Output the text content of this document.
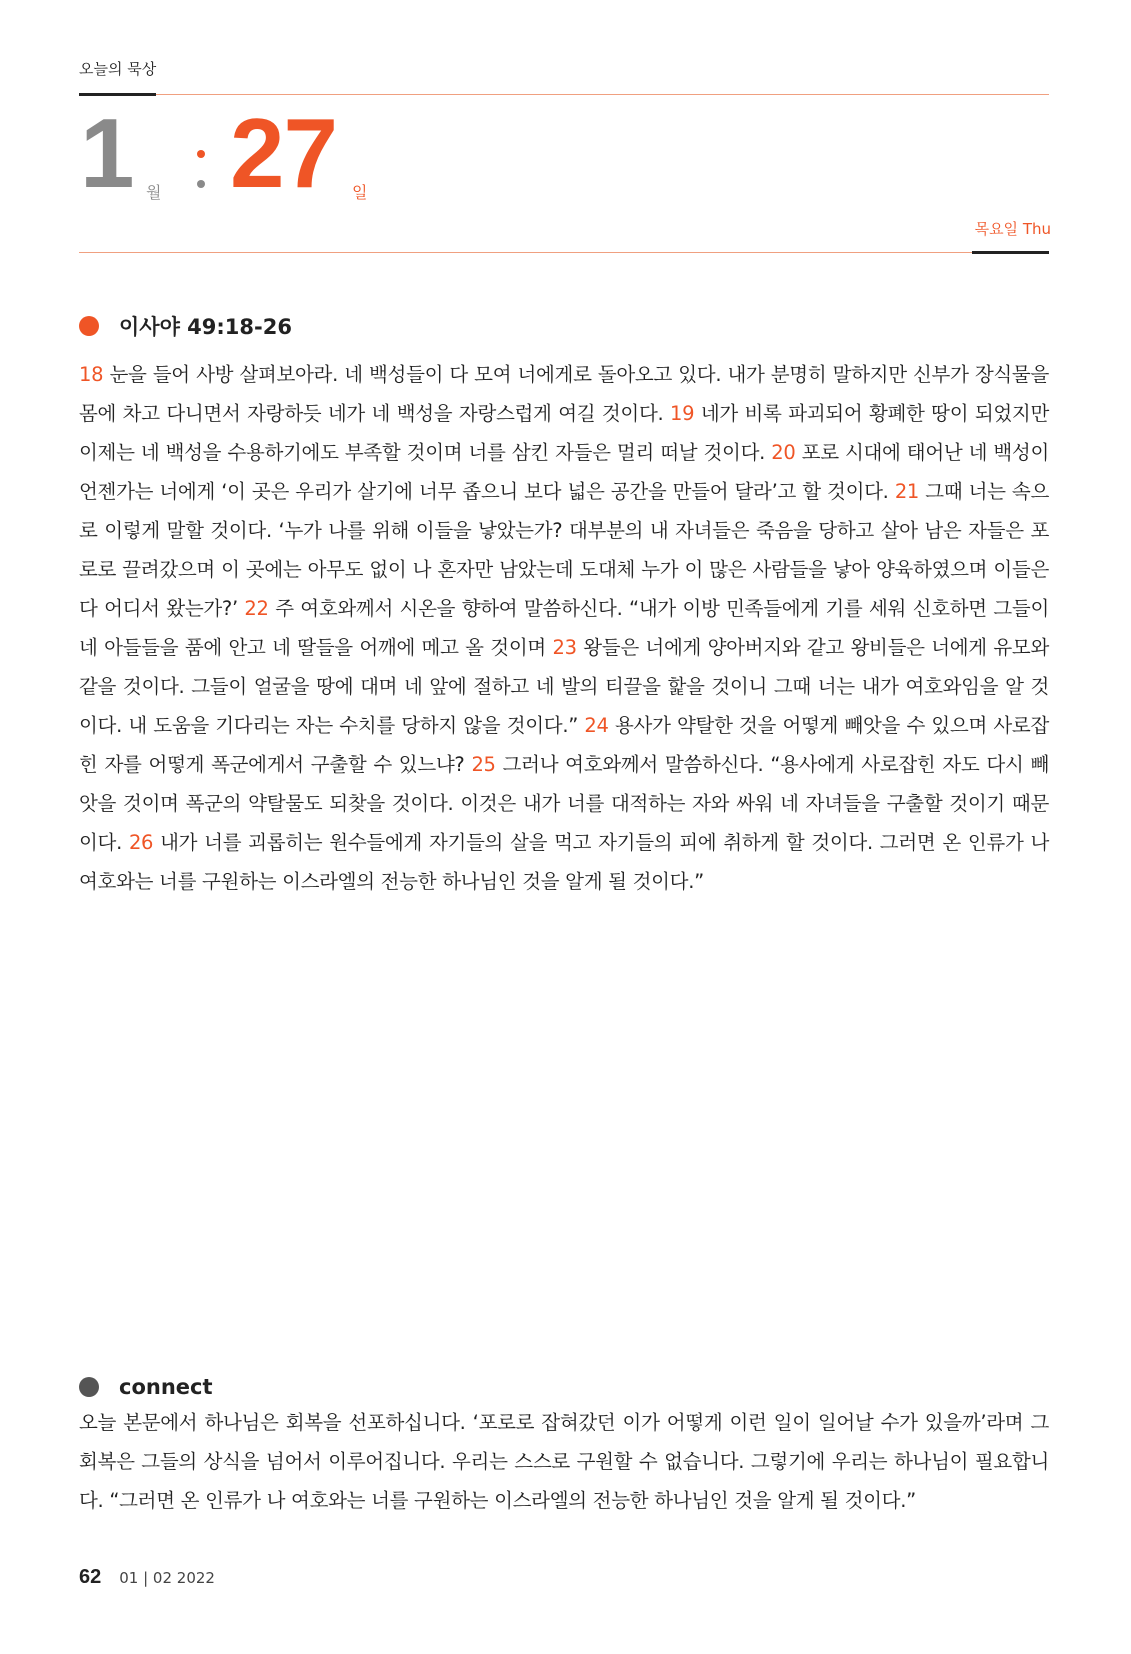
오늘의 묵상
1 월 27 일
목요일 Thu
이사야 49:18-26

18 눈을 들어 사방 살펴보아라. 네 백성들이 다 모여 너에게로 돌아오고 있다. 내가 분명히 말하지만 신부가 장식물을 몸에 차고 다니면서 자랑하듯 네가 네 백성을 자랑스럽게 여길 것이다. 19 네가 비록 파괴되어 황폐한 땅이 되었지만 이제는 네 백성을 수용하기에도 부족할 것이며 너를 삼킨 자들은 멀리 떠날 것이다. 20 포로 시대에 태어난 네 백성이 언젠가는 너에게 ‘이 곳은 우리가 살기에 너무 좁으니 보다 넓은 공간을 만들어 달라’고 할 것이다. 21 그때 너는 속으로 이렇게 말할 것이다. ‘누가 나를 위해 이들을 낳았는가? 대부분의 내 자녀들은 죽음을 당하고 살아 남은 자들은 포로로 끌려갔으며 이 곳에는 아무도 없이 나 혼자만 남았는데 도대체 누가 이 많은 사람들을 낳아 양육하였으며 이들은 다 어디서 왔는가?’ 22 주 여호와께서 시온을 향하여 말씀하신다. “내가 이방 민족들에게 기를 세워 신호하면 그들이 네 아들들을 품에 안고 네 딸들을 어깨에 메고 올 것이며 23 왕들은 너에게 양아버지와 같고 왕비들은 너에게 유모와 같을 것이다. 그들이 얼굴을 땅에 대며 네 앞에 절하고 네 발의 티끌을 핥을 것이니 그때 너는 내가 여호와임을 알 것이다. 내 도움을 기다리는 자는 수치를 당하지 않을 것이다.” 24 용사가 약탈한 것을 어떻게 빼앗을 수 있으며 사로잡힌 자를 어떻게 폭군에게서 구출할 수 있느냐? 25 그러나 여호와께서 말씀하신다. “용사에게 사로잡힌 자도 다시 빼앗을 것이며 폭군의 약탈물도 되찾을 것이다. 이것은 내가 너를 대적하는 자와 싸워 네 자녀들을 구출할 것이기 때문이다. 26 내가 너를 괴롭히는 원수들에게 자기들의 살을 먹고 자기들의 피에 취하게 할 것이다. 그러면 온 인류가 나 여호와는 너를 구원하는 이스라엘의 전능한 하나님인 것을 알게 될 것이다.”

connect

오늘 본문에서 하나님은 회복을 선포하십니다. ‘포로로 잡혀갔던 이가 어떻게 이런 일이 일어날 수가 있을까’라며 그 회복은 그들의 상식을 넘어서 이루어집니다. 우리는 스스로 구원할 수 없습니다. 그렇기에 우리는 하나님이 필요합니다. “그러면 온 인류가 나 여호와는 너를 구원하는 이스라엘의 전능한 하나님인 것을 알게 될 것이다.”

62 01 | 02 2022
